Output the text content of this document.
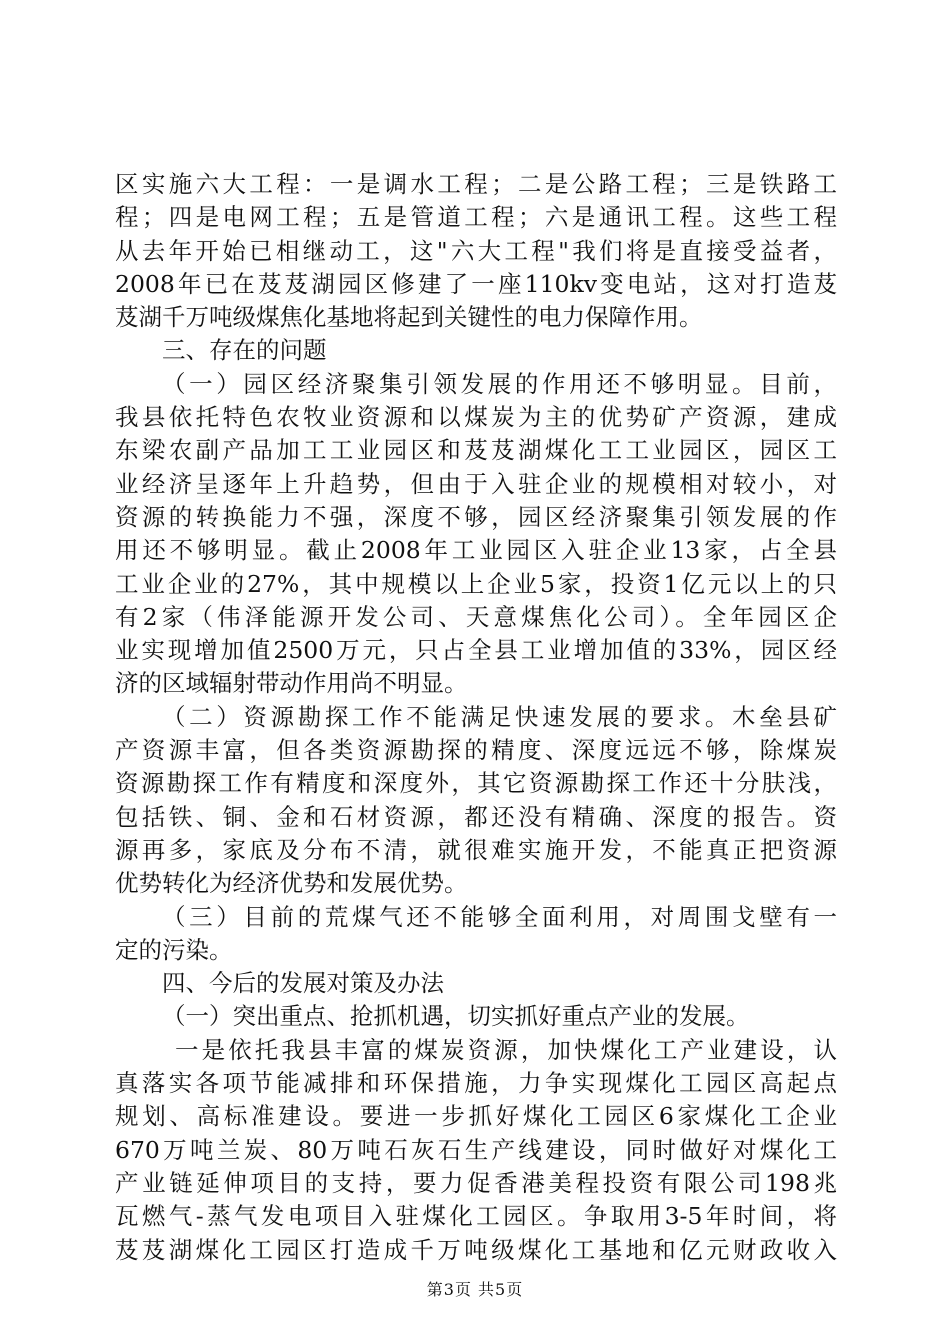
区实施六大工程：一是调水工程；二是公路工程；三是铁路工
程；四是电网工程；五是管道工程；六是通讯工程。这些工程
从去年开始已相继动工，这"六大工程"我们将是直接受益者，
2008年已在芨芨湖园区修建了一座110kv变电站，这对打造芨
芨湖千万吨级煤焦化基地将起到关键性的电力保障作用。
三、存在的问题
（一）园区经济聚集引领发展的作用还不够明显。目前，
我县依托特色农牧业资源和以煤炭为主的优势矿产资源，建成
东梁农副产品加工工业园区和芨芨湖煤化工工业园区，园区工
业经济呈逐年上升趋势，但由于入驻企业的规模相对较小，对
资源的转换能力不强，深度不够，园区经济聚集引领发展的作
用还不够明显。截止2008年工业园区入驻企业13家，占全县
工业企业的27%，其中规模以上企业5家，投资1亿元以上的只
有2家（伟泽能源开发公司、天意煤焦化公司）。全年园区企
业实现增加值2500万元，只占全县工业增加值的33%，园区经
济的区域辐射带动作用尚不明显。
（二）资源勘探工作不能满足快速发展的要求。木垒县矿
产资源丰富，但各类资源勘探的精度、深度远远不够，除煤炭
资源勘探工作有精度和深度外，其它资源勘探工作还十分肤浅，
包括铁、铜、金和石材资源，都还没有精确、深度的报告。资
源再多，家底及分布不清，就很难实施开发，不能真正把资源
优势转化为经济优势和发展优势。
（三）目前的荒煤气还不能够全面利用，对周围戈壁有一
定的污染。
四、今后的发展对策及办法
（一）突出重点、抢抓机遇，切实抓好重点产业的发展。
一是依托我县丰富的煤炭资源，加快煤化工产业建设，认
真落实各项节能减排和环保措施，力争实现煤化工园区高起点
规划、高标准建设。要进一步抓好煤化工园区6家煤化工企业
670万吨兰炭、80万吨石灰石生产线建设，同时做好对煤化工
产业链延伸项目的支持，要力促香港美程投资有限公司198兆
瓦燃气-蒸气发电项目入驻煤化工园区。争取用3-5年时间，将
芨芨湖煤化工园区打造成千万吨级煤化工基地和亿元财政收入
第3页 共5页
